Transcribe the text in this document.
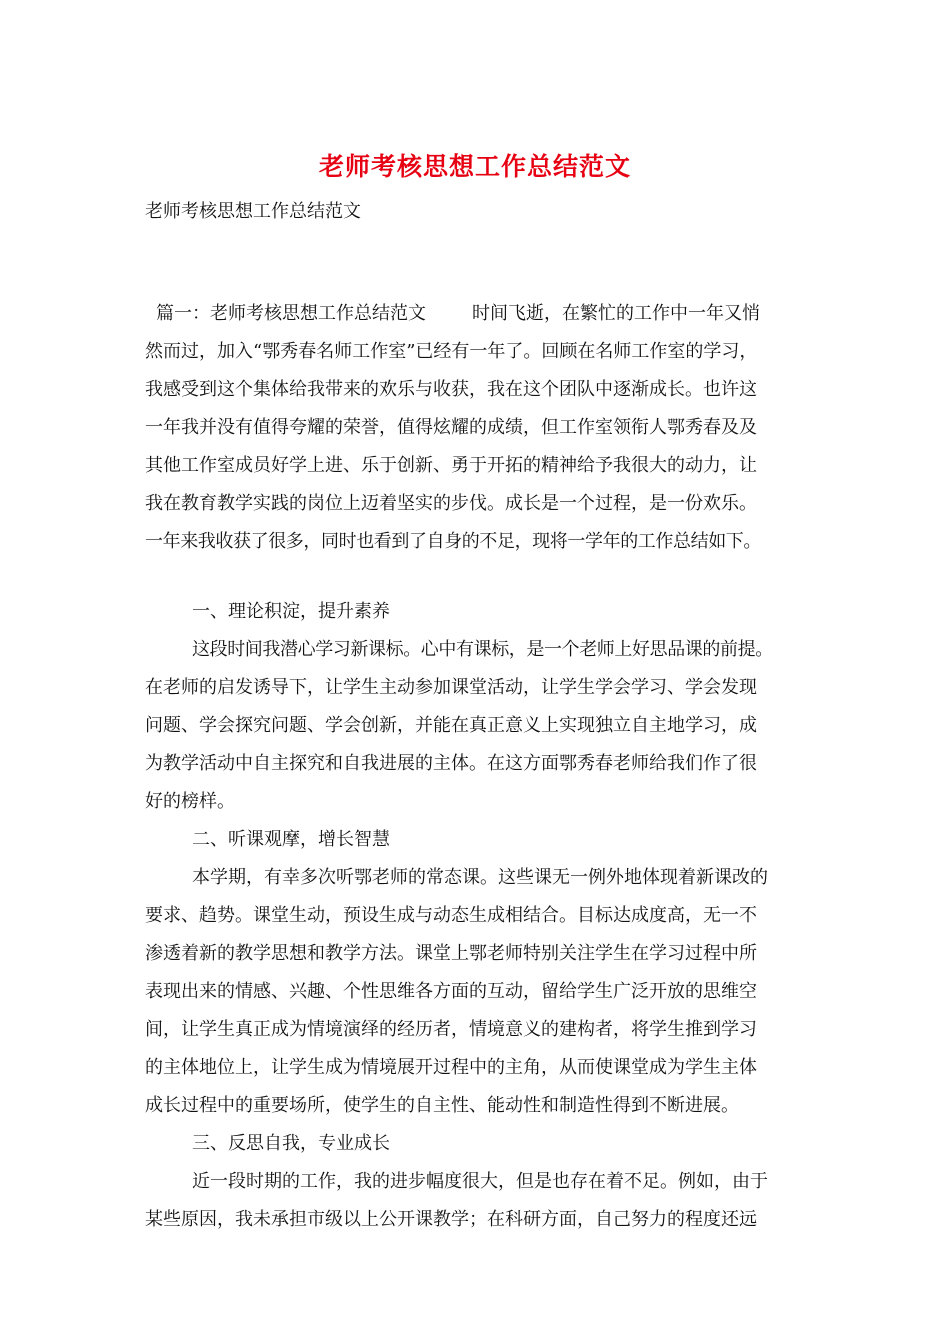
老师考核思想工作总结范文
老师考核思想工作总结范文
篇一：老师考核思想工作总结范文	时间飞逝，在繁忙的工作中一年又悄
然而过，加入“鄂秀春名师工作室”已经有一年了。回顾在名师工作室的学习，
我感受到这个集体给我带来的欢乐与收获，我在这个团队中逐渐成长。也许这
一年我并没有值得夸耀的荣誉，值得炫耀的成绩，但工作室领衔人鄂秀春及及
其他工作室成员好学上进、乐于创新、勇于开拓的精神给予我很大的动力，让
我在教育教学实践的岗位上迈着坚实的步伐。成长是一个过程，是一份欢乐。
一年来我收获了很多，同时也看到了自身的不足，现将一学年的工作总结如下。
一、理论积淀，提升素养
这段时间我潜心学习新课标。心中有课标，是一个老师上好思品课的前提。
在老师的启发诱导下，让学生主动参加课堂活动，让学生学会学习、学会发现
问题、学会探究问题、学会创新，并能在真正意义上实现独立自主地学习，成
为教学活动中自主探究和自我进展的主体。在这方面鄂秀春老师给我们作了很
好的榜样。
二、听课观摩，增长智慧
本学期，有幸多次听鄂老师的常态课。这些课无一例外地体现着新课改的
要求、趋势。课堂生动，预设生成与动态生成相结合。目标达成度高，无一不
渗透着新的教学思想和教学方法。课堂上鄂老师特别关注学生在学习过程中所
表现出来的情感、兴趣、个性思维各方面的互动，留给学生广泛开放的思维空
间，让学生真正成为情境演绎的经历者，情境意义的建构者，将学生推到学习
的主体地位上，让学生成为情境展开过程中的主角，从而使课堂成为学生主体
成长过程中的重要场所，使学生的自主性、能动性和制造性得到不断进展。
三、反思自我，专业成长
近一段时期的工作，我的进步幅度很大，但是也存在着不足。例如，由于
某些原因，我未承担市级以上公开课教学；在科研方面，自己努力的程度还远
